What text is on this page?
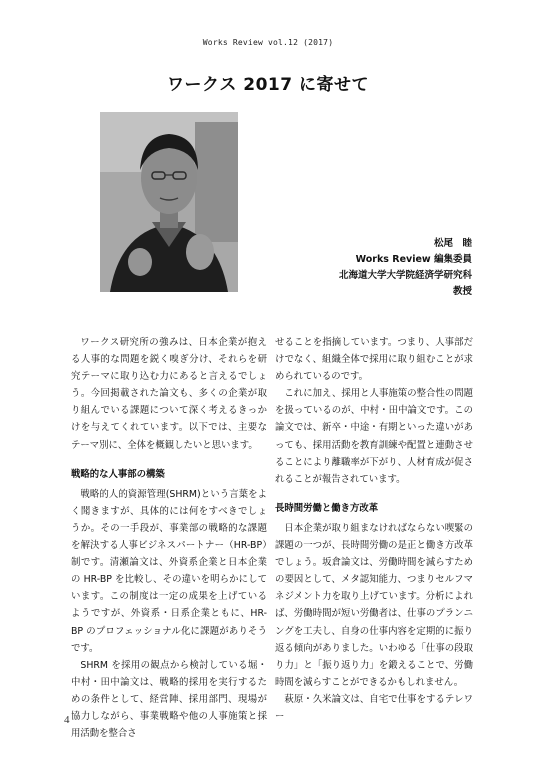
Works Review vol.12 (2017)
ワークス 2017 に寄せて
松尾　睦
Works Review 編集委員
北海道大学大学院経済学研究科
教授

ワークス研究所の強みは、日本企業が抱える人事的な問題を鋭く嗅ぎ分け、それらを研究テーマに取り込む力にあると言えるでしょう。今回掲載された論文も、多くの企業が取り組んでいる課題について深く考えるきっかけを与えてくれています。以下では、主要なテーマ別に、全体を概観したいと思います。

戦略的な人事部の構築

戦略的人的資源管理(SHRM)という言葉をよく聞きますが、具体的には何をすべきでしょうか。その一手段が、事業部の戦略的な課題を解決する人事ビジネスパートナー（HR-BP）制です。清瀬論文は、外資系企業と日本企業の HR-BP を比較し、その違いを明らかにしています。この制度は一定の成果を上げているようですが、外資系・日系企業ともに、HR-BP のプロフェッショナル化に課題がありそうです。

SHRM を採用の観点から検討している堀・中村・田中論文は、戦略的採用を実行するための条件として、経営陣、採用部門、現場が協力しながら、事業戦略や他の人事施策と採用活動を整合さ

せることを指摘しています。つまり、人事部だけでなく、組織全体で採用に取り組むことが求められているのです。

これに加え、採用と人事施策の整合性の問題を扱っているのが、中村・田中論文です。この論文では、新卒・中途・有期といった違いがあっても、採用活動を教育訓練や配置と連動させることにより離職率が下がり、人材育成が促されることが報告されています。

長時間労働と働き方改革

日本企業が取り組まなければならない喫緊の課題の一つが、長時間労働の是正と働き方改革でしょう。坂倉論文は、労働時間を減らすための要因として、メタ認知能力、つまりセルフマネジメント力を取り上げています。分析によれば、労働時間が短い労働者は、仕事のプランニングを工夫し、自身の仕事内容を定期的に振り返る傾向がありました。いわゆる「仕事の段取り力」と「振り返り力」を鍛えることで、労働時間を減らすことができるかもしれません。

萩原・久米論文は、自宅で仕事をするテレワー

4
